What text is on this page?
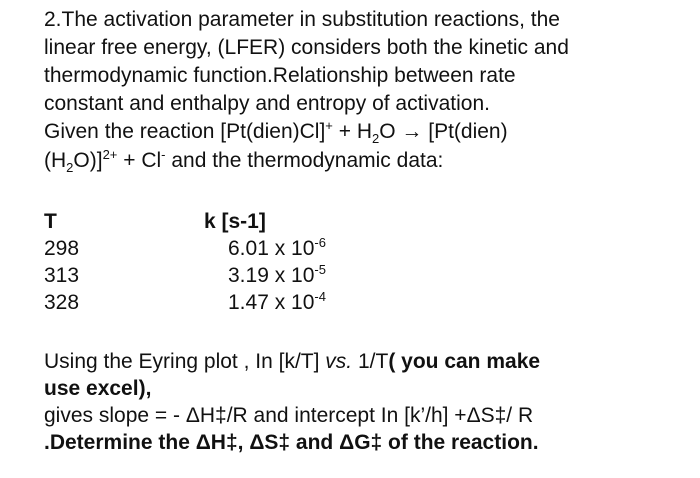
2.The activation parameter in substitution reactions, the
linear free energy, (LFER) considers both the kinetic and
thermodynamic function.Relationship between rate
constant and enthalpy and entropy of activation.
Given the reaction [Pt(dien)Cl]+ + $H_2O$ → [Pt(dien)
$(H_2O)]^{2+} + Cl^-$ and the thermodynamic data:
T
298
313
328
k [s-1]
6.01 x $10^{-6}$
3.19 x $10^{-5}$
1.47 x $10^{-4}$
Using the Eyring plot , In [k/T] vs. 1/T( you can make
use excel),
gives slope = - ΔH‡/R and intercept In [k’/h] +ΔS‡/ R
.Determine the ΔH‡, ΔS‡ and ΔG‡ of the reaction.
